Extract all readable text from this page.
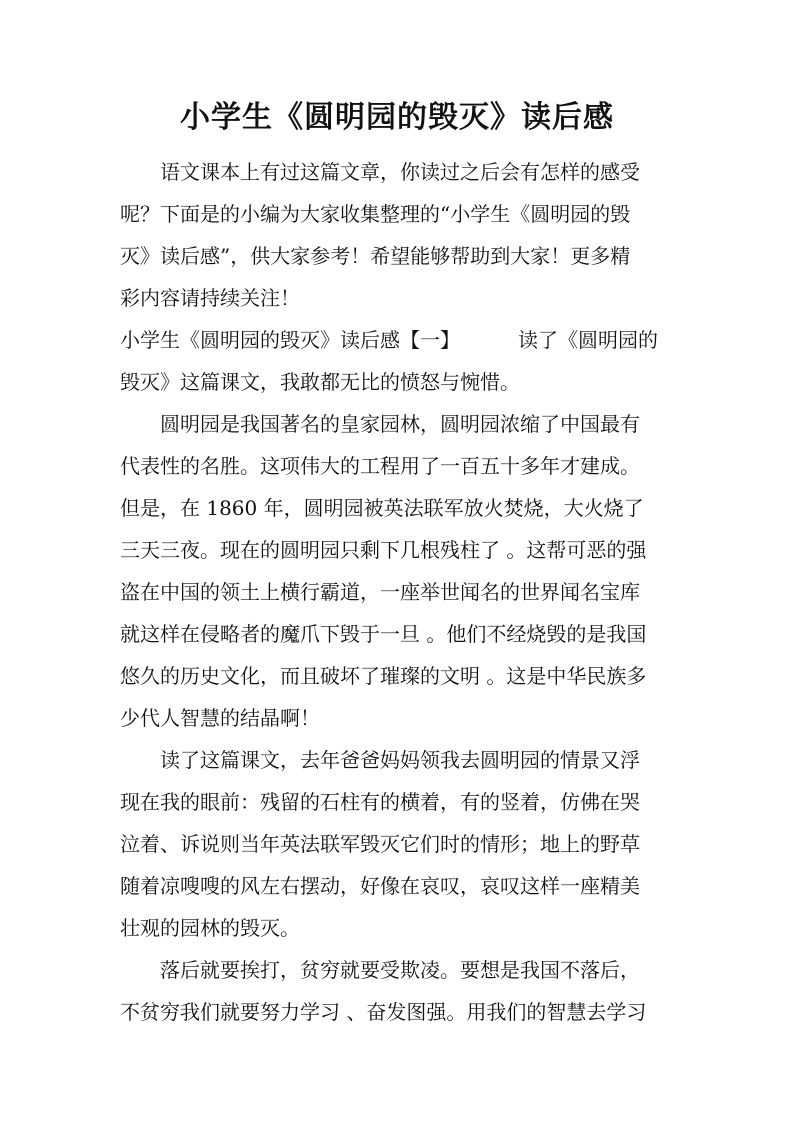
小学生《圆明园的毁灭》读后感
语文课本上有过这篇文章，你读过之后会有怎样的感受
呢？下面是的小编为大家收集整理的“小学生《圆明园的毁
灭》读后感”，供大家参考！希望能够帮助到大家！更多精
彩内容请持续关注！
小学生《圆明园的毁灭》读后感【一】	读了《圆明园的
毁灭》这篇课文，我敢都无比的愤怒与惋惜。
圆明园是我国著名的皇家园林，圆明园浓缩了中国最有
代表性的名胜。这项伟大的工程用了一百五十多年才建成。
但是，在 1860 年，圆明园被英法联军放火焚烧，大火烧了
三天三夜。现在的圆明园只剩下几根残柱了 。这帮可恶的强
盗在中国的领土上横行霸道，一座举世闻名的世界闻名宝库
就这样在侵略者的魔爪下毁于一旦 。他们不经烧毁的是我国
悠久的历史文化，而且破坏了璀璨的文明 。这是中华民族多
少代人智慧的结晶啊！
读了这篇课文，去年爸爸妈妈领我去圆明园的情景又浮
现在我的眼前：残留的石柱有的横着，有的竖着，仿佛在哭
泣着、诉说则当年英法联军毁灭它们时的情形；地上的野草
随着凉嗖嗖的风左右摆动，好像在哀叹，哀叹这样一座精美
壮观的园林的毁灭。
落后就要挨打，贫穷就要受欺凌。要想是我国不落后，
不贫穷我们就要努力学习 、奋发图强。用我们的智慧去学习
